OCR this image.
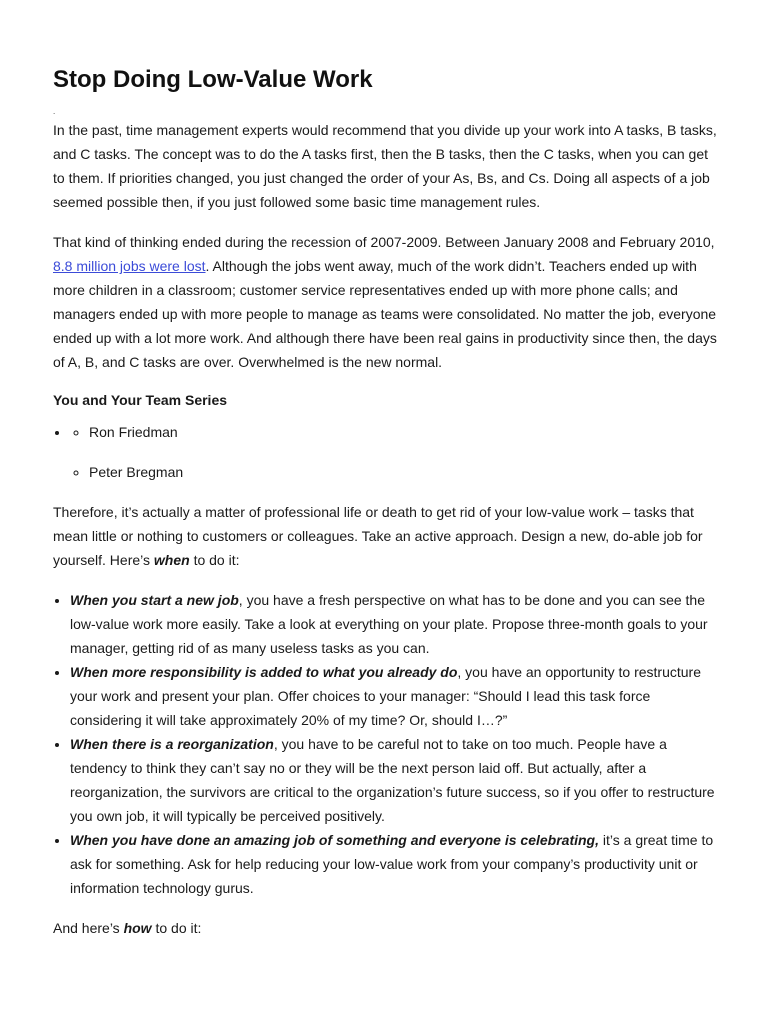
Stop Doing Low-Value Work
.

In the past, time management experts would recommend that you divide up your work into A tasks, B tasks, and C tasks. The concept was to do the A tasks first, then the B tasks, then the C tasks, when you can get to them. If priorities changed, you just changed the order of your As, Bs, and Cs. Doing all aspects of a job seemed possible then, if you just followed some basic time management rules.

That kind of thinking ended during the recession of 2007-2009. Between January 2008 and February 2010, 8.8 million jobs were lost. Although the jobs went away, much of the work didn’t. Teachers ended up with more children in a classroom; customer service representatives ended up with more phone calls; and managers ended up with more people to manage as teams were consolidated. No matter the job, everyone ended up with a lot more work. And although there have been real gains in productivity since then, the days of A, B, and C tasks are over. Overwhelmed is the new normal.

You and Your Team Series
◦ • Ron Friedman
◦ Peter Bregman

Therefore, it’s actually a matter of professional life or death to get rid of your low-value work – tasks that mean little or nothing to customers or colleagues. Take an active approach. Design a new, do-able job for yourself. Here’s when to do it:

• When you start a new job, you have a fresh perspective on what has to be done and you can see the low-value work more easily. Take a look at everything on your plate. Propose three-month goals to your manager, getting rid of as many useless tasks as you can.
• When more responsibility is added to what you already do, you have an opportunity to restructure your work and present your plan. Offer choices to your manager: “Should I lead this task force considering it will take approximately 20% of my time? Or, should I…?”
• When there is a reorganization, you have to be careful not to take on too much. People have a tendency to think they can’t say no or they will be the next person laid off. But actually, after a reorganization, the survivors are critical to the organization’s future success, so if you offer to restructure you own job, it will typically be perceived positively.
• When you have done an amazing job of something and everyone is celebrating, it’s a great time to ask for something. Ask for help reducing your low-value work from your company’s productivity unit or information technology gurus.

And here’s how to do it:
